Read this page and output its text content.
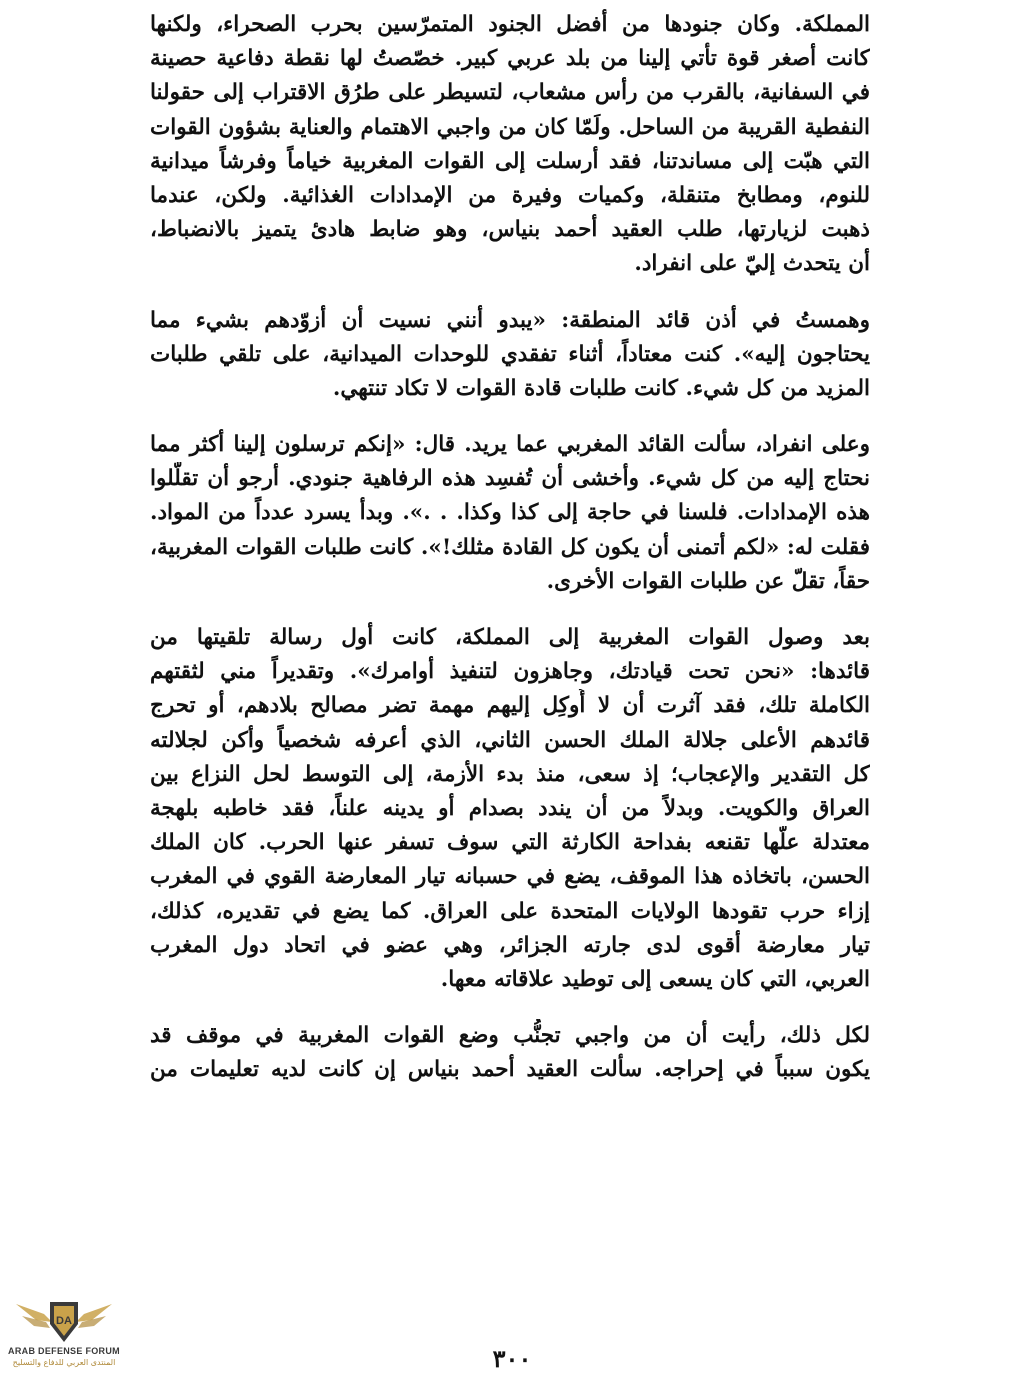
المملكة. وكان جنودها من أفضل الجنود المتمرّسين بحرب الصحراء، ولكنها
كانت أصغر قوة تأتي إلينا من بلد عربي كبير. خصّصتُ لها نقطة دفاعية حصينة
في السفانية، بالقرب من رأس مشعاب، لتسيطر على طرُق الاقتراب إلى حقولنا
النفطية القريبة من الساحل. ولَمّا كان من واجبي الاهتمام والعناية بشؤون القوات
التي هبّت إلى مساندتنا، فقد أرسلت إلى القوات المغربية خياماً وفرشاً ميدانية
للنوم، ومطابخ متنقلة، وكميات وفيرة من الإمدادات الغذائية. ولكن، عندما
ذهبت لزيارتها، طلب العقيد أحمد بنياس، وهو ضابط هادئ يتميز بالانضباط،
أن يتحدث إليّ على انفراد.
وهمستُ في أذن قائد المنطقة: «يبدو أنني نسيت أن أزوّدهم بشيء مما
يحتاجون إليه». كنت معتاداً، أثناء تفقدي للوحدات الميدانية، على تلقي طلبات
المزيد من كل شيء. كانت طلبات قادة القوات لا تكاد تنتهي.
وعلى انفراد، سألت القائد المغربي عما يريد. قال: «إنكم ترسلون إلينا أكثر مما
نحتاج إليه من كل شيء. وأخشى أن تُفسِد هذه الرفاهية جنودي. أرجو أن تقلّلوا
هذه الإمدادات. فلسنا في حاجة إلى كذا وكذا. . .». وبدأ يسرد عدداً من المواد.
فقلت له: «لكم أتمنى أن يكون كل القادة مثلك!». كانت طلبات القوات المغربية،
حقاً، تقلّ عن طلبات القوات الأخرى.
بعد وصول القوات المغربية إلى المملكة، كانت أول رسالة تلقيتها من
قائدها: «نحن تحت قيادتك، وجاهزون لتنفيذ أوامرك». وتقديراً مني لثقتهم
الكاملة تلك، فقد آثرت أن لا أُوكِل إليهم مهمة تضر مصالح بلادهم، أو تحرج
قائدهم الأعلى جلالة الملك الحسن الثاني، الذي أعرفه شخصياً وأكن لجلالته
كل التقدير والإعجاب؛ إذ سعى، منذ بدء الأزمة، إلى التوسط لحل النزاع بين
العراق والكويت. وبدلاً من أن يندد بصدام أو يدينه علناً، فقد خاطبه بلهجة
معتدلة علّها تقنعه بفداحة الكارثة التي سوف تسفر عنها الحرب. كان الملك
الحسن، باتخاذه هذا الموقف، يضع في حسبانه تيار المعارضة القوي في المغرب
إزاء حرب تقودها الولايات المتحدة على العراق. كما يضع في تقديره، كذلك،
تيار معارضة أقوى لدى جارته الجزائر، وهي عضو في اتحاد دول المغرب
العربي، التي كان يسعى إلى توطيد علاقاته معها.
لكل ذلك، رأيت أن من واجبي تجنُّب وضع القوات المغربية في موقف قد
يكون سبباً في إحراجه. سألت العقيد أحمد بنياس إن كانت لديه تعليمات من
٣٠٠
DA
ARAB DEFENSE FORUM
المنتدى العربي للدفاع والتسليح
